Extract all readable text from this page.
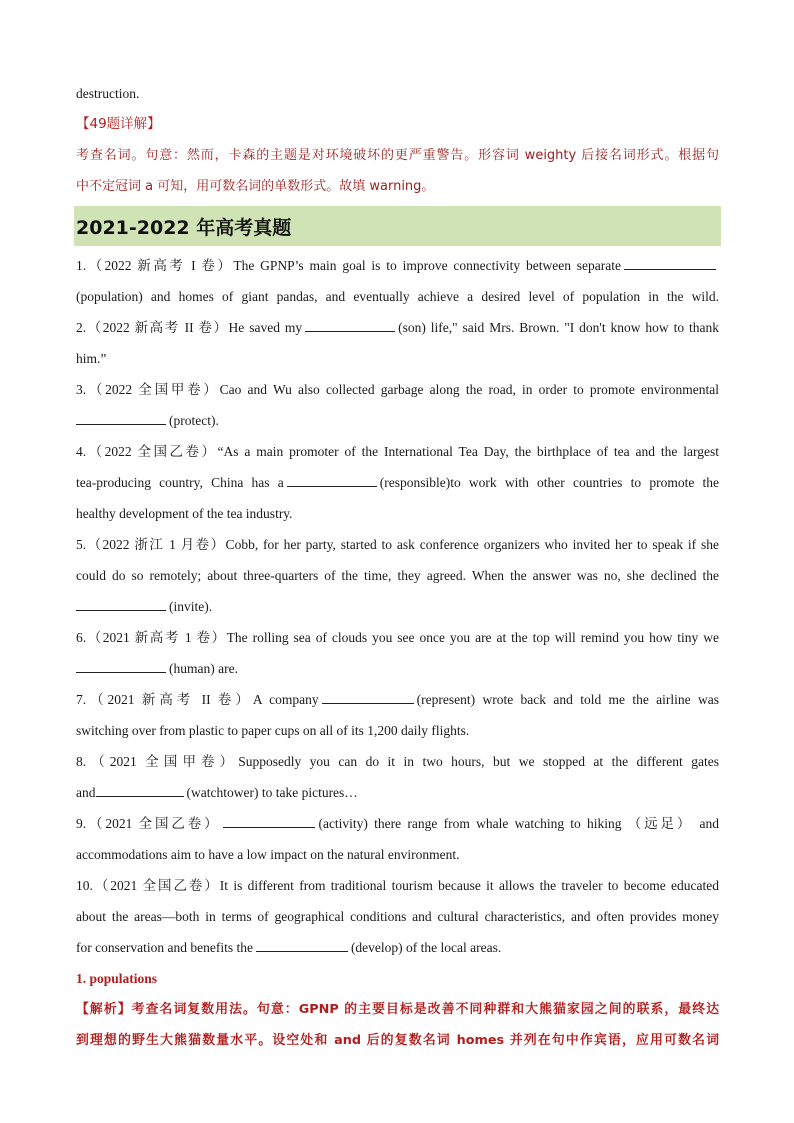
destruction.
【49题详解】
考查名词。句意：然而，卡森的主题是对环境破坏的更严重警告。形容词 weighty 后接名词形式。根据句
中不定冠词 a 可知，用可数名词的单数形式。故填 warning。
2021-2022 年高考真题
1.（2022 新高考 I 卷）The GPNP’s main goal is to improve connectivity between separate
(population) and homes of giant pandas, and eventually achieve a desired level of population in the wild.
2.（2022 新高考 II 卷）He saved my	(son) life," said Mrs. Brown. "I don't know how to thank
him.”
3.（2022 全国甲卷）Cao and Wu also collected garbage along the road, in order to promote environmental
(protect).
4.（2022 全国乙卷）“As a main promoter of the International Tea Day, the birthplace of tea and the largest
tea-producing country, China has a	(responsible)to work with other countries to promote the
healthy development of the tea industry.
5.（2022 浙江 1 月卷）Cobb, for her party, started to ask conference organizers who invited her to speak if she
could do so remotely; about three-quarters of the time, they agreed. When the answer was no, she declined the
(invite).
6.（2021 新高考 1 卷）The rolling sea of clouds you see once you are at the top will remind you how tiny we
(human) are.
7.（2021 新高考 II 卷）A company	(represent) wrote back and told me the airline was
switching over from plastic to paper cups on all of its 1,200 daily flights.
8.（2021 全国甲卷）Supposedly you can do it in two hours, but we stopped at the different gates
and	(watchtower) to take pictures…
9.（2021 全国乙卷）	(activity) there range from whale watching to hiking （远足） and
accommodations aim to have a low impact on the natural environment.
10.（2021 全国乙卷）It is different from traditional tourism because it allows the traveler to become educated
about the areas—both in terms of geographical conditions and cultural characteristics, and often provides money
for conservation and benefits the	(develop) of the local areas.
1. populations
【解析】考查名词复数用法。句意：GPNP 的主要目标是改善不同种群和大熊猫家园之间的联系，最终达
到理想的野生大熊猫数量水平。设空处和 and 后的复数名词 homes 并列在句中作宾语，应用可数名词
